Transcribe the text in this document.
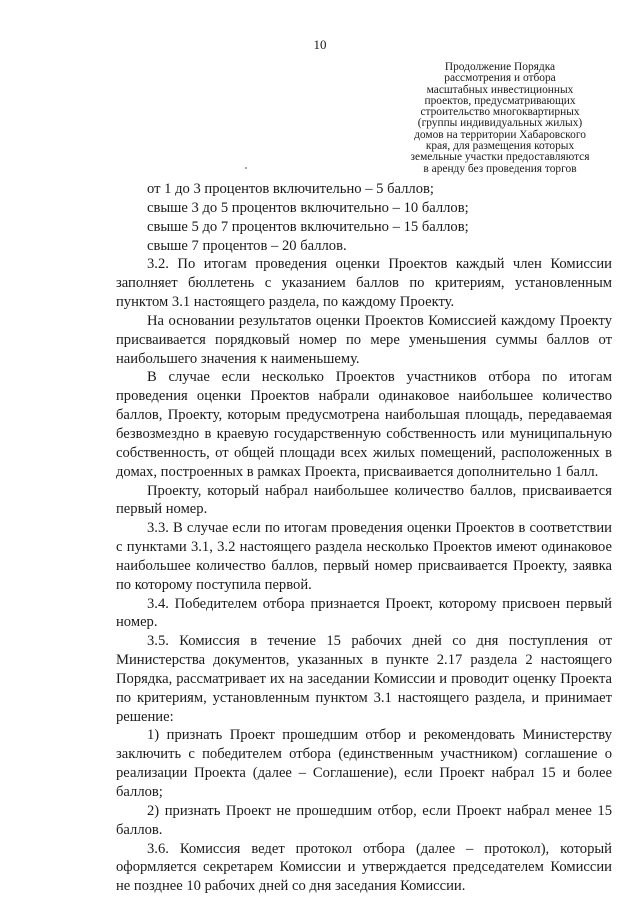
10
Продолжение Порядка
рассмотрения и отбора
масштабных инвестиционных
проектов, предусматривающих
строительство многоквартирных
(группы индивидуальных жилых)
домов на территории Хабаровского
края, для размещения которых
земельные участки предоставляются
в аренду без проведения торгов

от 1 до 3 процентов включительно – 5 баллов;

свыше 3 до 5 процентов включительно – 10 баллов;

свыше 5 до 7 процентов включительно – 15 баллов;

свыше 7 процентов – 20 баллов.

3.2. По итогам проведения оценки Проектов каждый член Комиссии заполняет бюллетень с указанием баллов по критериям, установленным пунктом 3.1 настоящего раздела, по каждому Проекту.

На основании результатов оценки Проектов Комиссией каждому Проекту присваивается порядковый номер по мере уменьшения суммы баллов от наибольшего значения к наименьшему.

В случае если несколько Проектов участников отбора по итогам проведения оценки Проектов набрали одинаковое наибольшее количество баллов, Проекту, которым предусмотрена наибольшая площадь, передаваемая безвозмездно в краевую государственную собственность или муниципальную собственность, от общей площади всех жилых помещений, расположенных в домах, построенных в рамках Проекта, присваивается дополнительно 1 балл.

Проекту, который набрал наибольшее количество баллов, присваивается первый номер.

3.3. В случае если по итогам проведения оценки Проектов в соответствии с пунктами 3.1, 3.2 настоящего раздела несколько Проектов имеют одинаковое наибольшее количество баллов, первый номер присваивается Проекту, заявка по которому поступила первой.

3.4. Победителем отбора признается Проект, которому присвоен первый номер.

3.5. Комиссия в течение 15 рабочих дней со дня поступления от Министерства документов, указанных в пункте 2.17 раздела 2 настоящего Порядка, рассматривает их на заседании Комиссии и проводит оценку Проекта по критериям, установленным пунктом 3.1 настоящего раздела, и принимает решение:

1) признать Проект прошедшим отбор и рекомендовать Министерству заключить с победителем отбора (единственным участником) соглашение о реализации Проекта (далее – Соглашение), если Проект набрал 15 и более баллов;

2) признать Проект не прошедшим отбор, если Проект набрал менее 15 баллов.

3.6. Комиссия ведет протокол отбора (далее – протокол), который оформляется секретарем Комиссии и утверждается председателем Комиссии не позднее 10 рабочих дней со дня заседания Комиссии.
